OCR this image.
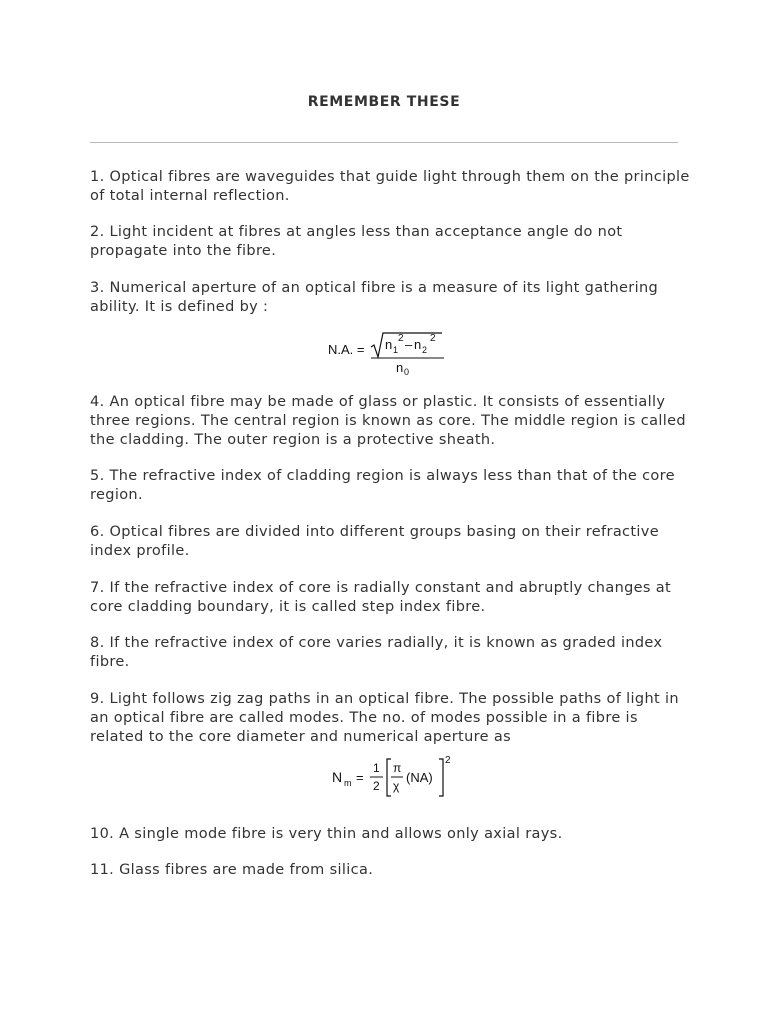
REMEMBER THESE
1. Optical fibres are waveguides that guide light through them on the principle of total internal reflection.
2. Light incident at fibres at angles less than acceptance angle do not propagate into the fibre.
3. Numerical aperture of an optical fibre is a measure of its light gathering ability. It is defined by :
N.A. = n 1
2 – n 2
2
n 0
4. An optical fibre may be made of glass or plastic. It consists of essentially three regions. The central region is known as core. The middle region is called the cladding. The outer region is a protective sheath.
5. The refractive index of cladding region is always less than that of the core region.
6. Optical fibres are divided into different groups basing on their refractive index profile.
7. If the refractive index of core is radially constant and abruptly changes at core cladding boundary, it is called step index fibre.
8. If the refractive index of core varies radially, it is known as graded index fibre.
9. Light follows zig zag paths in an optical fibre. The possible paths of light in an optical fibre are called modes. The no. of modes possible in a fibre is related to the core diameter and numerical aperture as
N m =
1
2
π
χ
(NA)
2
10. A single mode fibre is very thin and allows only axial rays.
11. Glass fibres are made from silica.
